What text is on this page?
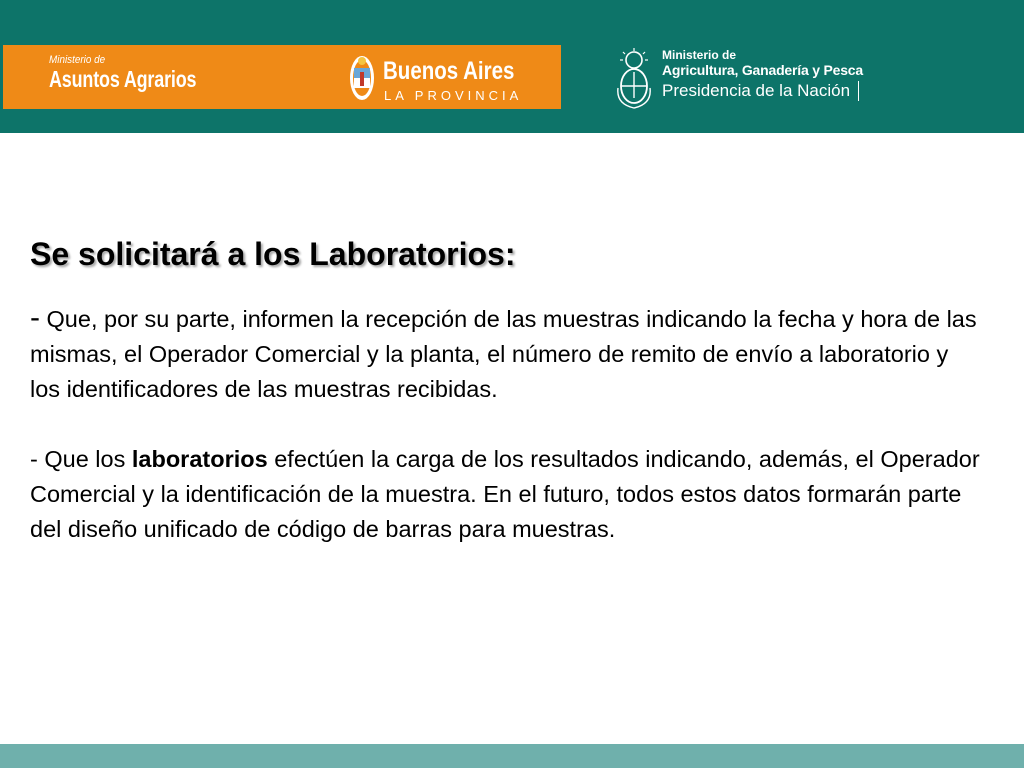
Ministerio de
Asuntos Agrarios	Buenos Aires
LA PROVINCIA
Ministerio de
Agricultura, Ganadería y Pesca
Presidencia de la Nación
Se solicitará a los Laboratorios:

- Que, por su parte, informen la recepción de las muestras indicando la fecha y hora de las mismas, el Operador Comercial y la planta, el número de remito de envío a laboratorio y los identificadores de las muestras recibidas.

- Que los laboratorios efectúen la carga de los resultados indicando, además, el Operador Comercial y la identificación de la muestra. En el futuro, todos estos datos formarán parte del diseño unificado de código de barras para muestras.
